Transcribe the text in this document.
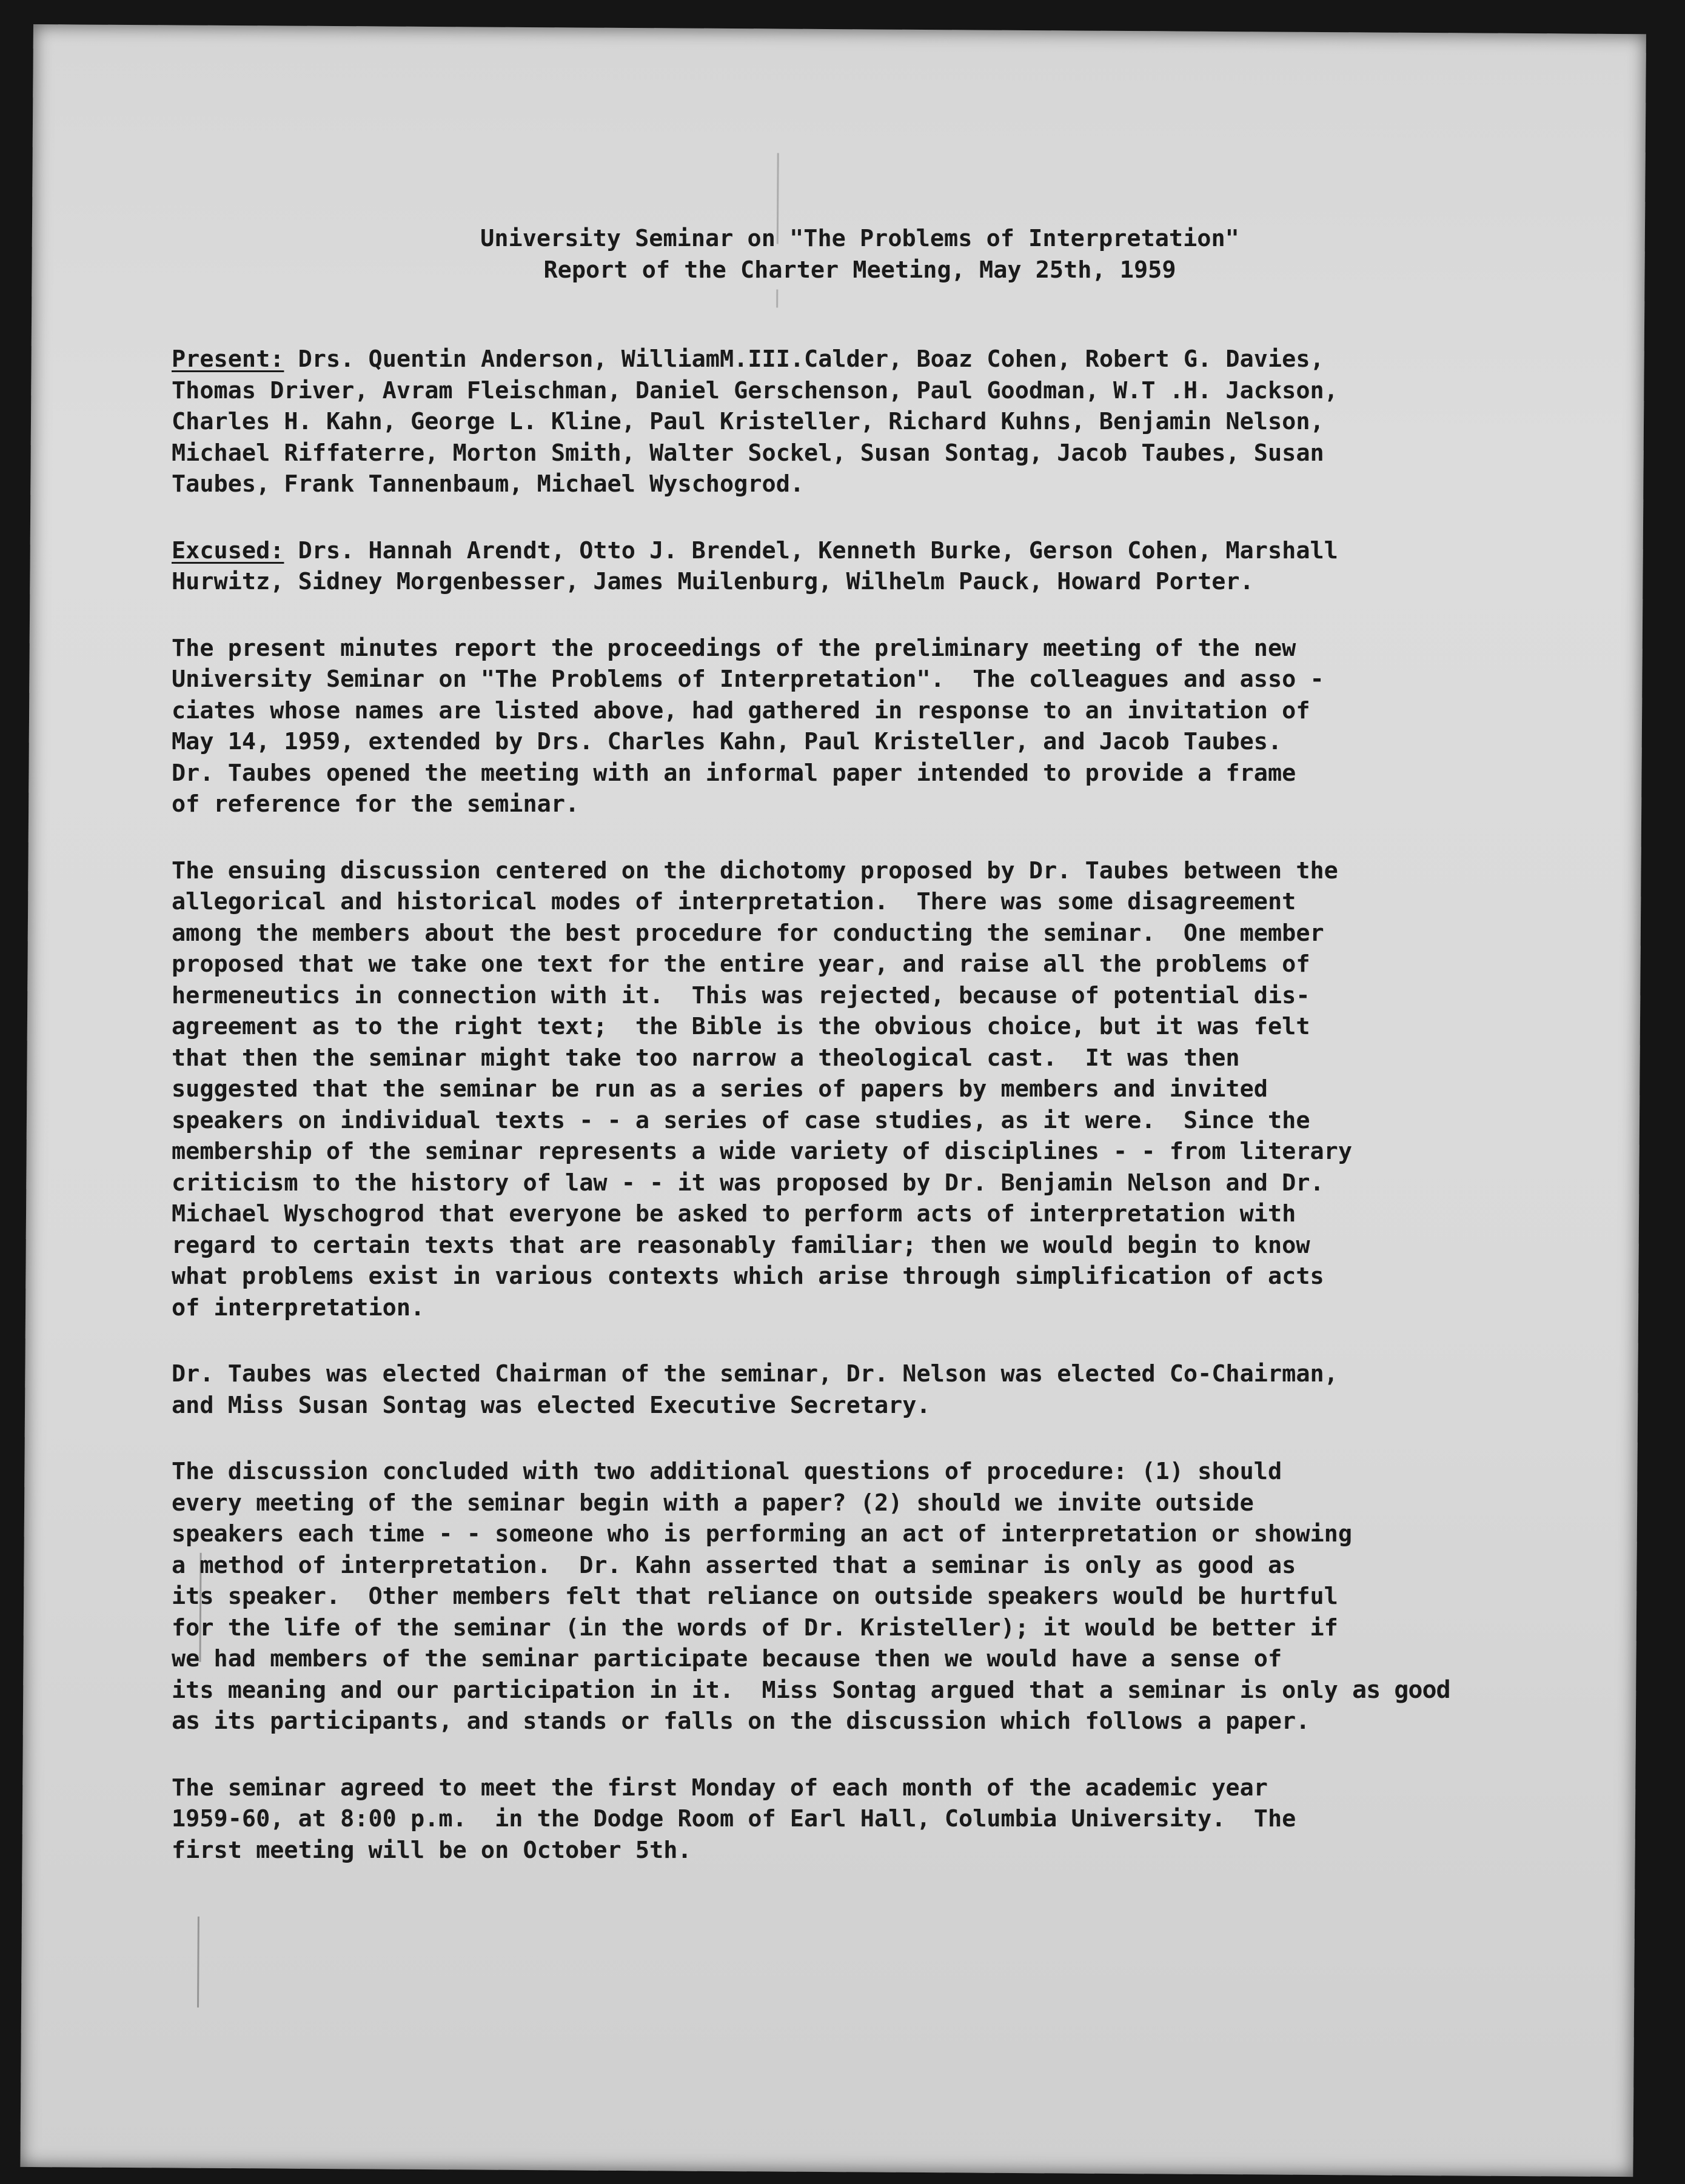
University Seminar on "The Problems of Interpretation"
Report of the Charter Meeting, May 25th, 1959
Present: Drs. Quentin Anderson, WilliamM.III.Calder, Boaz Cohen, Robert G. Davies,
Thomas Driver, Avram Fleischman, Daniel Gerschenson, Paul Goodman, W.T .H. Jackson,
Charles H. Kahn, George L. Kline, Paul Kristeller, Richard Kuhns, Benjamin Nelson,
Michael Riffaterre, Morton Smith, Walter Sockel, Susan Sontag, Jacob Taubes, Susan
Taubes, Frank Tannenbaum, Michael Wyschogrod.
Excused: Drs. Hannah Arendt, Otto J. Brendel, Kenneth Burke, Gerson Cohen, Marshall
Hurwitz, Sidney Morgenbesser, James Muilenburg, Wilhelm Pauck, Howard Porter.
The present minutes report the proceedings of the preliminary meeting of the new
University Seminar on "The Problems of Interpretation".  The colleagues and asso -
ciates whose names are listed above, had gathered in response to an invitation of
May 14, 1959, extended by Drs. Charles Kahn, Paul Kristeller, and Jacob Taubes.
Dr. Taubes opened the meeting with an informal paper intended to provide a frame
of reference for the seminar.
The ensuing discussion centered on the dichotomy proposed by Dr. Taubes between the
allegorical and historical modes of interpretation.  There was some disagreement
among the members about the best procedure for conducting the seminar.  One member
proposed that we take one text for the entire year, and raise all the problems of
hermeneutics in connection with it.  This was rejected, because of potential dis-
agreement as to the right text;  the Bible is the obvious choice, but it was felt
that then the seminar might take too narrow a theological cast.  It was then
suggested that the seminar be run as a series of papers by members and invited
speakers on individual texts - - a series of case studies, as it were.  Since the
membership of the seminar represents a wide variety of disciplines - - from literary
criticism to the history of law - - it was proposed by Dr. Benjamin Nelson and Dr.
Michael Wyschogrod that everyone be asked to perform acts of interpretation with
regard to certain texts that are reasonably familiar; then we would begin to know
what problems exist in various contexts which arise through simplification of acts
of interpretation.
Dr. Taubes was elected Chairman of the seminar, Dr. Nelson was elected Co-Chairman,
and Miss Susan Sontag was elected Executive Secretary.
The discussion concluded with two additional questions of procedure: (1) should
every meeting of the seminar begin with a paper? (2) should we invite outside
speakers each time - - someone who is performing an act of interpretation or showing
a method of interpretation.  Dr. Kahn asserted that a seminar is only as good as
its speaker.  Other members felt that reliance on outside speakers would be hurtful
for the life of the seminar (in the words of Dr. Kristeller); it would be better if
we had members of the seminar participate because then we would have a sense of
its meaning and our participation in it.  Miss Sontag argued that a seminar is only as good
as its participants, and stands or falls on the discussion which follows a paper.
The seminar agreed to meet the first Monday of each month of the academic year
1959-60, at 8:00 p.m.  in the Dodge Room of Earl Hall, Columbia University.  The
first meeting will be on October 5th.
